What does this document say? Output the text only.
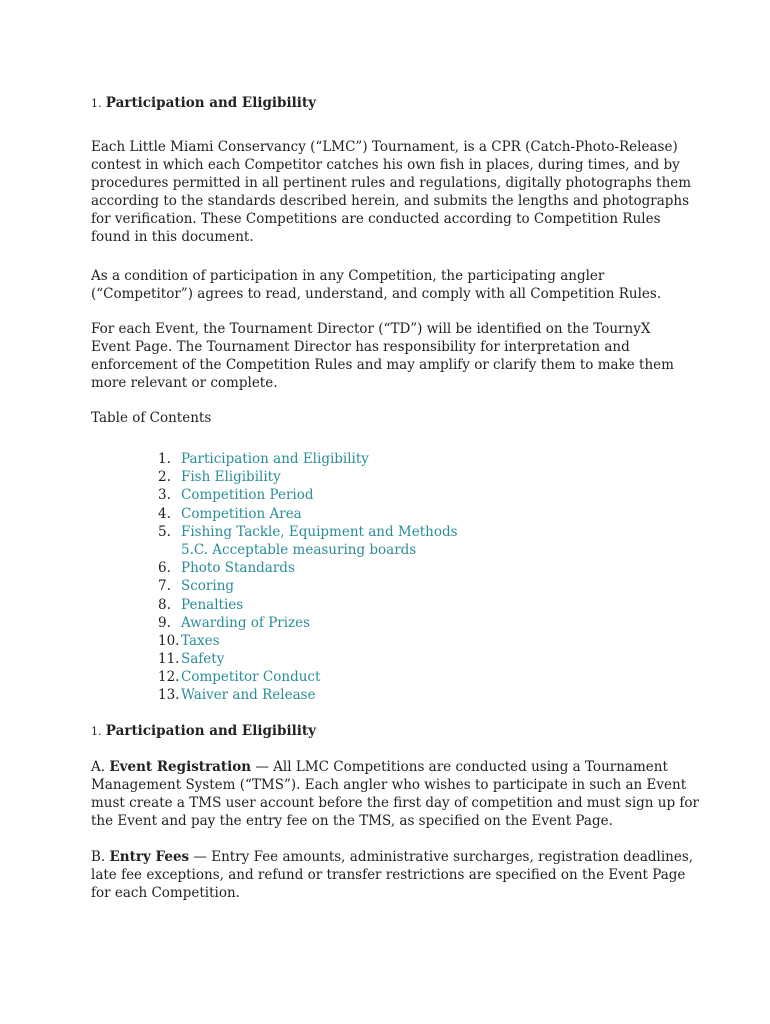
1. Participation and Eligibility
Each Little Miami Conservancy (“LMC”) Tournament, is a CPR (Catch-Photo-Release)
contest in which each Competitor catches his own fish in places, during times, and by
procedures permitted in all pertinent rules and regulations, digitally photographs them
according to the standards described herein, and submits the lengths and photographs
for verification. These Competitions are conducted according to Competition Rules
found in this document.
As a condition of participation in any Competition, the participating angler
(“Competitor”) agrees to read, understand, and comply with all Competition Rules.
For each Event, the Tournament Director (“TD”) will be identified on the TournyX
Event Page. The Tournament Director has responsibility for interpretation and
enforcement of the Competition Rules and may amplify or clarify them to make them
more relevant or complete.
Table of Contents
1. Participation and Eligibility
2. Fish Eligibility
3. Competition Period
4. Competition Area
5. Fishing Tackle, Equipment and Methods
5.C. Acceptable measuring boards
6. Photo Standards
7. Scoring
8. Penalties
9. Awarding of Prizes
10. Taxes
11. Safety
12. Competitor Conduct
13. Waiver and Release
1. Participation and Eligibility
A. Event Registration — All LMC Competitions are conducted using a Tournament
Management System (“TMS”). Each angler who wishes to participate in such an Event
must create a TMS user account before the first day of competition and must sign up for
the Event and pay the entry fee on the TMS, as specified on the Event Page.
B. Entry Fees — Entry Fee amounts, administrative surcharges, registration deadlines,
late fee exceptions, and refund or transfer restrictions are specified on the Event Page
for each Competition.
